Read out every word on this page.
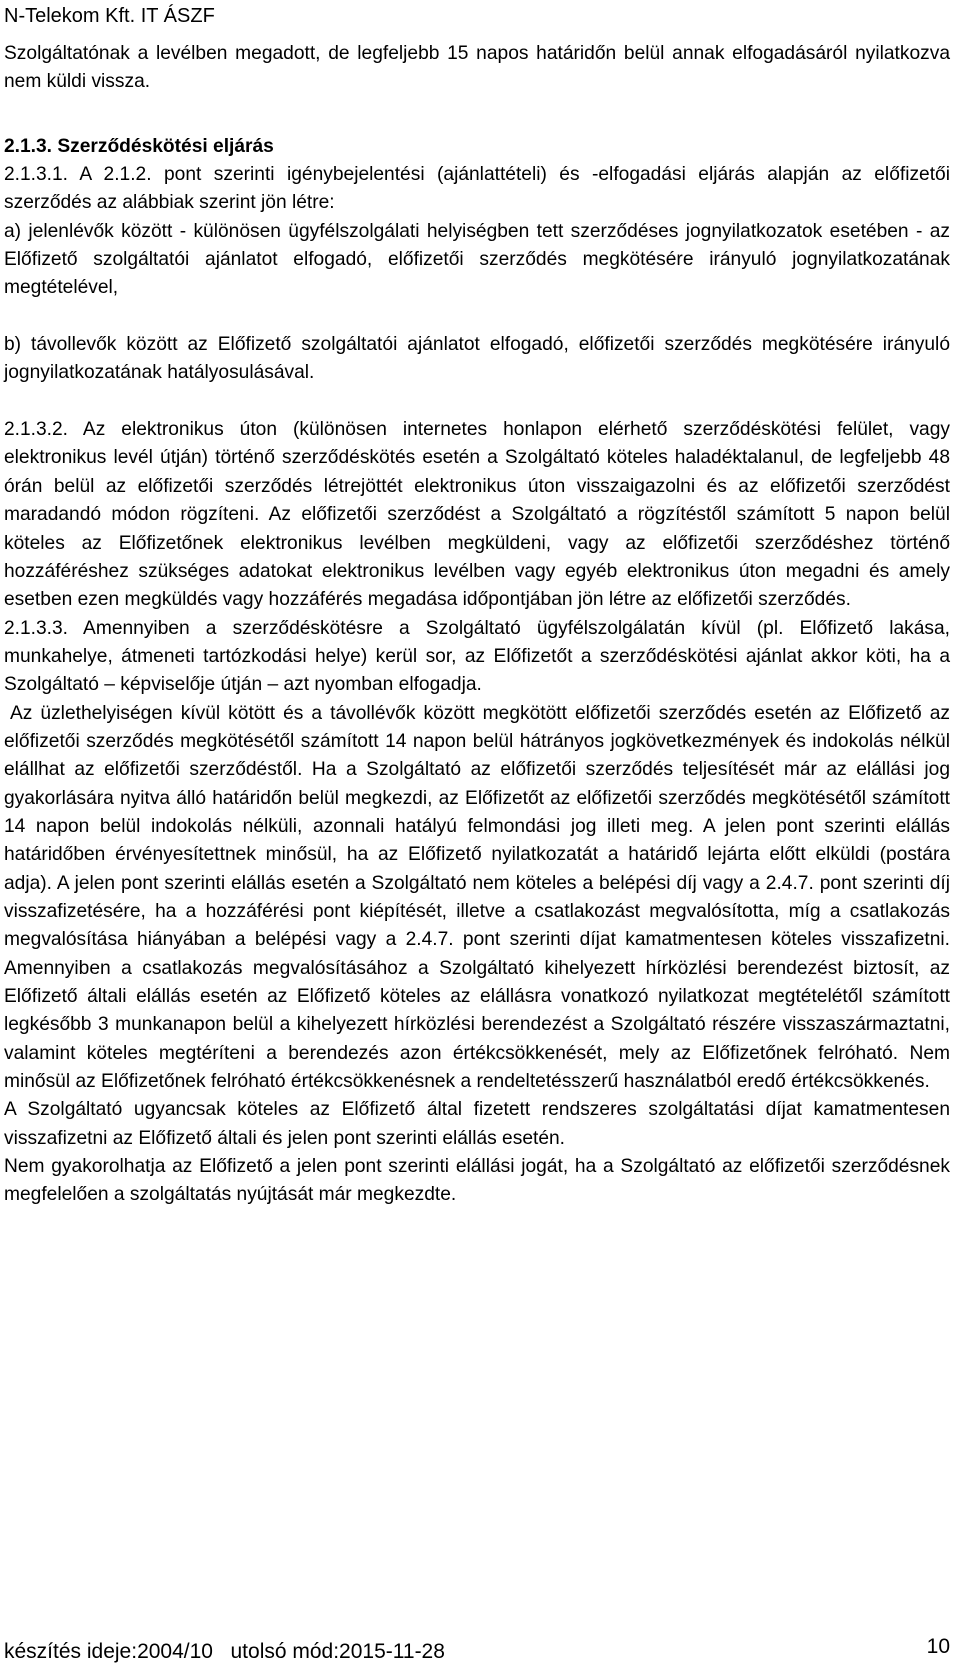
N-Telekom Kft. IT ÁSZF

Szolgáltatónak a levélben megadott, de legfeljebb 15 napos határidőn belül annak elfogadásáról nyilatkozva nem küldi vissza.

2.1.3. Szerződéskötési eljárás

2.1.3.1. A 2.1.2. pont szerinti igénybejelentési (ajánlattételi) és -elfogadási eljárás alapján az előfizetői szerződés az alábbiak szerint jön létre:

a) jelenlévők között - különösen ügyfélszolgálati helyiségben tett szerződéses jognyilatkozatok esetében - az Előfizető szolgáltatói ajánlatot elfogadó, előfizetői szerződés megkötésére irányuló jognyilatkozatának megtételével,

b) távollevők között az Előfizető szolgáltatói ajánlatot elfogadó, előfizetői szerződés megkötésére irányuló jognyilatkozatának hatályosulásával.

2.1.3.2. Az elektronikus úton (különösen internetes honlapon elérhető szerződéskötési felület, vagy elektronikus levél útján) történő szerződéskötés esetén a Szolgáltató köteles haladéktalanul, de legfeljebb 48 órán belül az előfizetői szerződés létrejöttét elektronikus úton visszaigazolni és az előfizetői szerződést maradandó módon rögzíteni. Az előfizetői szerződést a Szolgáltató a rögzítéstől számított 5 napon belül köteles az Előfizetőnek elektronikus levélben megküldeni, vagy az előfizetői szerződéshez történő hozzáféréshez szükséges adatokat elektronikus levélben vagy egyéb elektronikus úton megadni és amely esetben ezen megküldés vagy hozzáférés megadása időpontjában jön létre az előfizetői szerződés.

2.1.3.3. Amennyiben a szerződéskötésre a Szolgáltató ügyfélszolgálatán kívül (pl. Előfizető lakása, munkahelye, átmeneti tartózkodási helye) kerül sor, az Előfizetőt a szerződéskötési ajánlat akkor köti, ha a Szolgáltató – képviselője útján – azt nyomban elfogadja.

Az üzlethelyiségen kívül kötött és a távollévők között megkötött előfizetői szerződés esetén az Előfizető az előfizetői szerződés megkötésétől számított 14 napon belül hátrányos jogkövetkezmények és indokolás nélkül elállhat az előfizetői szerződéstől. Ha a Szolgáltató az előfizetői szerződés teljesítését már az elállási jog gyakorlására nyitva álló határidőn belül megkezdi, az Előfizetőt az előfizetői szerződés megkötésétől számított 14 napon belül indokolás nélküli, azonnali hatályú felmondási jog illeti meg. A jelen pont szerinti elállás határidőben érvényesítettnek minősül, ha az Előfizető nyilatkozatát a határidő lejárta előtt elküldi (postára adja). A jelen pont szerinti elállás esetén a Szolgáltató nem köteles a belépési díj vagy a 2.4.7. pont szerinti díj visszafizetésére, ha a hozzáférési pont kiépítését, illetve a csatlakozást megvalósította, míg a csatlakozás megvalósítása hiányában a belépési vagy a 2.4.7. pont szerinti díjat kamatmentesen köteles visszafizetni. Amennyiben a csatlakozás megvalósításához a Szolgáltató kihelyezett hírközlési berendezést biztosít, az Előfizető általi elállás esetén az Előfizető köteles az elállásra vonatkozó nyilatkozat megtételétől számított legkésőbb 3 munkanapon belül a kihelyezett hírközlési berendezést a Szolgáltató részére visszaszármaztatni, valamint köteles megtéríteni a berendezés azon értékcsökkenését, mely az Előfizetőnek felróható. Nem minősül az Előfizetőnek felróható értékcsökkenésnek a rendeltetésszerű használatból eredő értékcsökkenés.

A Szolgáltató ugyancsak köteles az Előfizető által fizetett rendszeres szolgáltatási díjat kamatmentesen visszafizetni az Előfizető általi és jelen pont szerinti elállás esetén.

Nem gyakorolhatja az Előfizető a jelen pont szerinti elállási jogát, ha a Szolgáltató az előfizetői szerződésnek megfelelően a szolgáltatás nyújtását már megkezdte.

készítés ideje:2004/10 utolsó mód:2015-11-28	10
